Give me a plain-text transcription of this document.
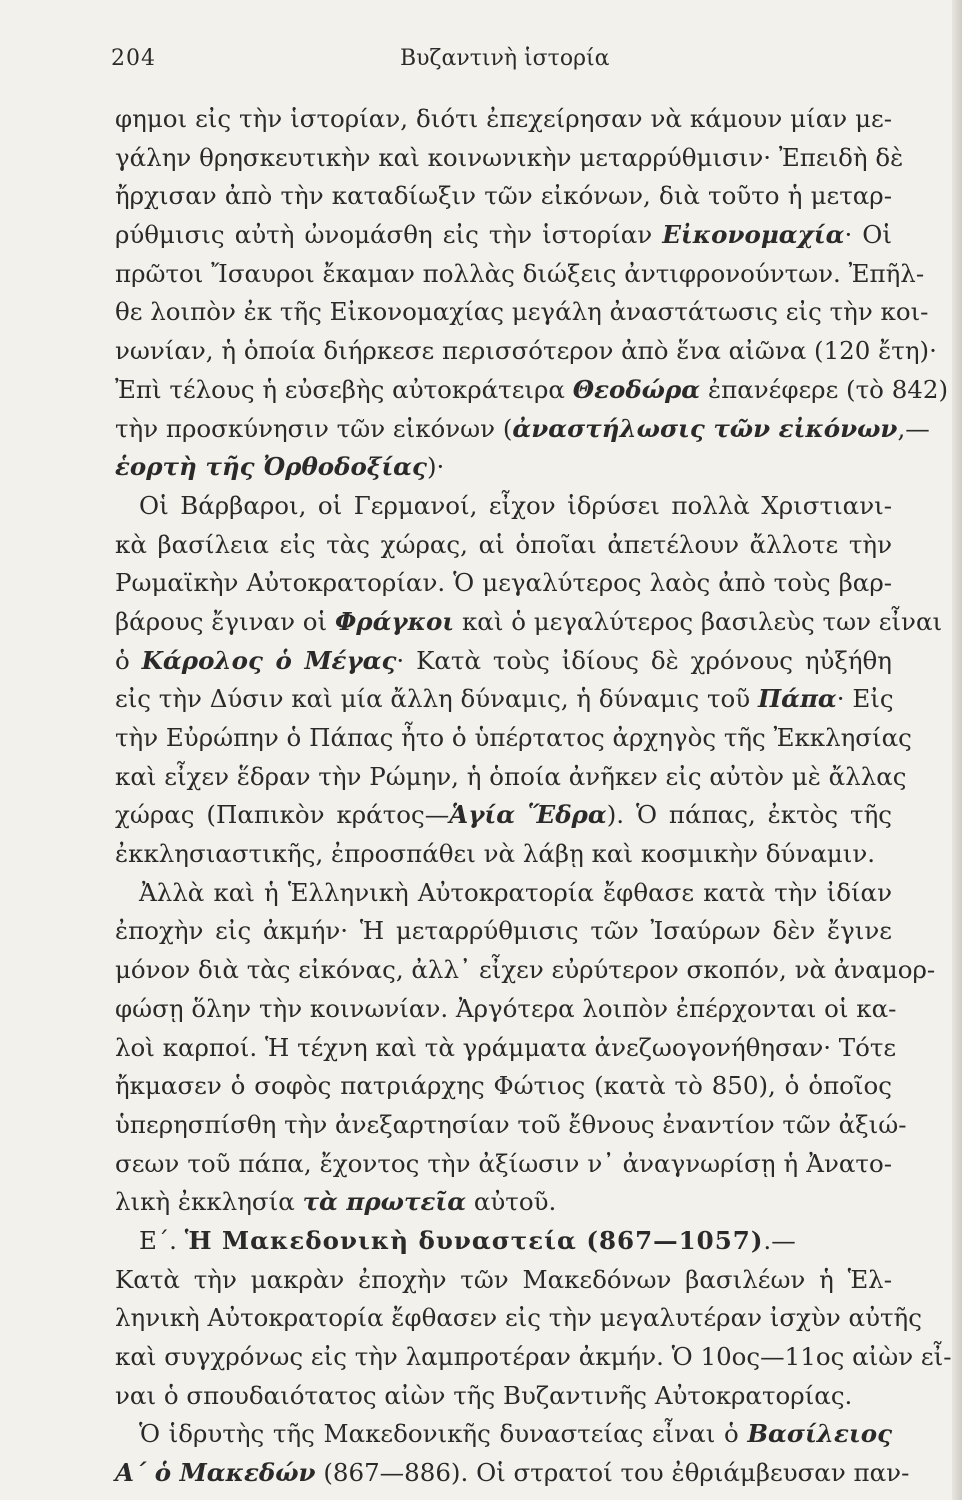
204	Βυζαντινὴ ἱστορία
φημοι εἰς τὴν ἱστορίαν, διότι ἐπεχείρησαν νὰ κάμουν μίαν με-
γάλην θρησκευτικὴν καὶ κοινωνικὴν μεταρρύθμισιν· Ἐπειδὴ δὲ
ἤρχισαν ἀπὸ τὴν καταδίωξιν τῶν εἰκόνων, διὰ τοῦτο ἡ μεταρ-
ρύθμισις αὐτὴ ὠνομάσθη εἰς τὴν ἱστορίαν Εἰκονομαχία· Οἱ
πρῶτοι Ἴσαυροι ἔκαμαν πολλὰς διώξεις ἀντιφρονούντων. Ἐπῆλ-
θε λοιπὸν ἐκ τῆς Εἰκονομαχίας μεγάλη ἀναστάτωσις εἰς τὴν κοι-
νωνίαν, ἡ ὁποία διήρκεσε περισσότερον ἀπὸ ἕνα αἰῶνα (120 ἔτη)·
Ἐπὶ τέλους ἡ εὐσεβὴς αὐτοκράτειρα Θεοδώρα ἐπανέφερε (τὸ 842)
τὴν προσκύνησιν τῶν εἰκόνων (ἀναστήλωσις τῶν εἰκόνων,—
ἑορτὴ τῆς Ὀρθοδοξίας)·
Οἱ Βάρβαροι, οἱ Γερμανοί, εἶχον ἱδρύσει πολλὰ Χριστιανι-
κὰ βασίλεια εἰς τὰς χώρας, αἱ ὁποῖαι ἀπετέλουν ἄλλοτε τὴν
Ρωμαϊκὴν Αὐτοκρατορίαν. Ὁ μεγαλύτερος λαὸς ἀπὸ τοὺς βαρ-
βάρους ἔγιναν οἱ Φράγκοι καὶ ὁ μεγαλύτερος βασιλεὺς των εἶναι
ὁ Κάρολος ὁ Μέγας· Κατὰ τοὺς ἰδίους δὲ χρόνους ηὐξήθη
εἰς τὴν Δύσιν καὶ μία ἄλλη δύναμις, ἡ δύναμις τοῦ Πάπα· Εἰς
τὴν Εὐρώπην ὁ Πάπας ἦτο ὁ ὑπέρτατος ἀρχηγὸς τῆς Ἐκκλησίας
καὶ εἶχεν ἕδραν τὴν Ρώμην, ἡ ὁποία ἀνῆκεν εἰς αὐτὸν μὲ ἄλλας
χώρας (Παπικὸν κράτος—Ἁγία Ἕδρα). Ὁ πάπας, ἐκτὸς τῆς
ἐκκλησιαστικῆς, ἐπροσπάθει νὰ λάβῃ καὶ κοσμικὴν δύναμιν.
Ἀλλὰ καὶ ἡ Ἑλληνικὴ Αὐτοκρατορία ἔφθασε κατὰ τὴν ἰδίαν
ἐποχὴν εἰς ἀκμήν· Ἡ μεταρρύθμισις τῶν Ἰσαύρων δὲν ἔγινε
μόνον διὰ τὰς εἰκόνας, ἀλλ᾽ εἶχεν εὐρύτερον σκοπόν, νὰ ἀναμορ-
φώσῃ ὅλην τὴν κοινωνίαν. Ἀργότερα λοιπὸν ἐπέρχονται οἱ κα-
λοὶ καρποί. Ἡ τέχνη καὶ τὰ γράμματα ἀνεζωογονήθησαν· Τότε
ἤκμασεν ὁ σοφὸς πατριάρχης Φώτιος (κατὰ τὸ 850), ὁ ὁποῖος
ὑπερησπίσθη τὴν ἀνεξαρτησίαν τοῦ ἔθνους ἐναντίον τῶν ἀξιώ-
σεων τοῦ πάπα, ἔχοντος τὴν ἀξίωσιν ν᾽ ἀναγνωρίσῃ ἡ Ἀνατο-
λικὴ ἐκκλησία τὰ πρωτεῖα αὐτοῦ.
Ε΄. Ἡ Μακεδονικὴ δυναστεία (867—1057).—
Κατὰ τὴν μακρὰν ἐποχὴν τῶν Μακεδόνων βασιλέων ἡ Ἑλ-
ληνικὴ Αὐτοκρατορία ἔφθασεν εἰς τὴν μεγαλυτέραν ἰσχὺν αὐτῆς
καὶ συγχρόνως εἰς τὴν λαμπροτέραν ἀκμήν. Ὁ 10ος—11ος αἰὼν εἶ-
ναι ὁ σπουδαιότατος αἰὼν τῆς Βυζαντινῆς Αὐτοκρατορίας.
Ὁ ἱδρυτὴς τῆς Μακεδονικῆς δυναστείας εἶναι ὁ Βασίλειος
Α΄ ὁ Μακεδών (867—886). Οἱ στρατοί του ἐθριάμβευσαν παν-
